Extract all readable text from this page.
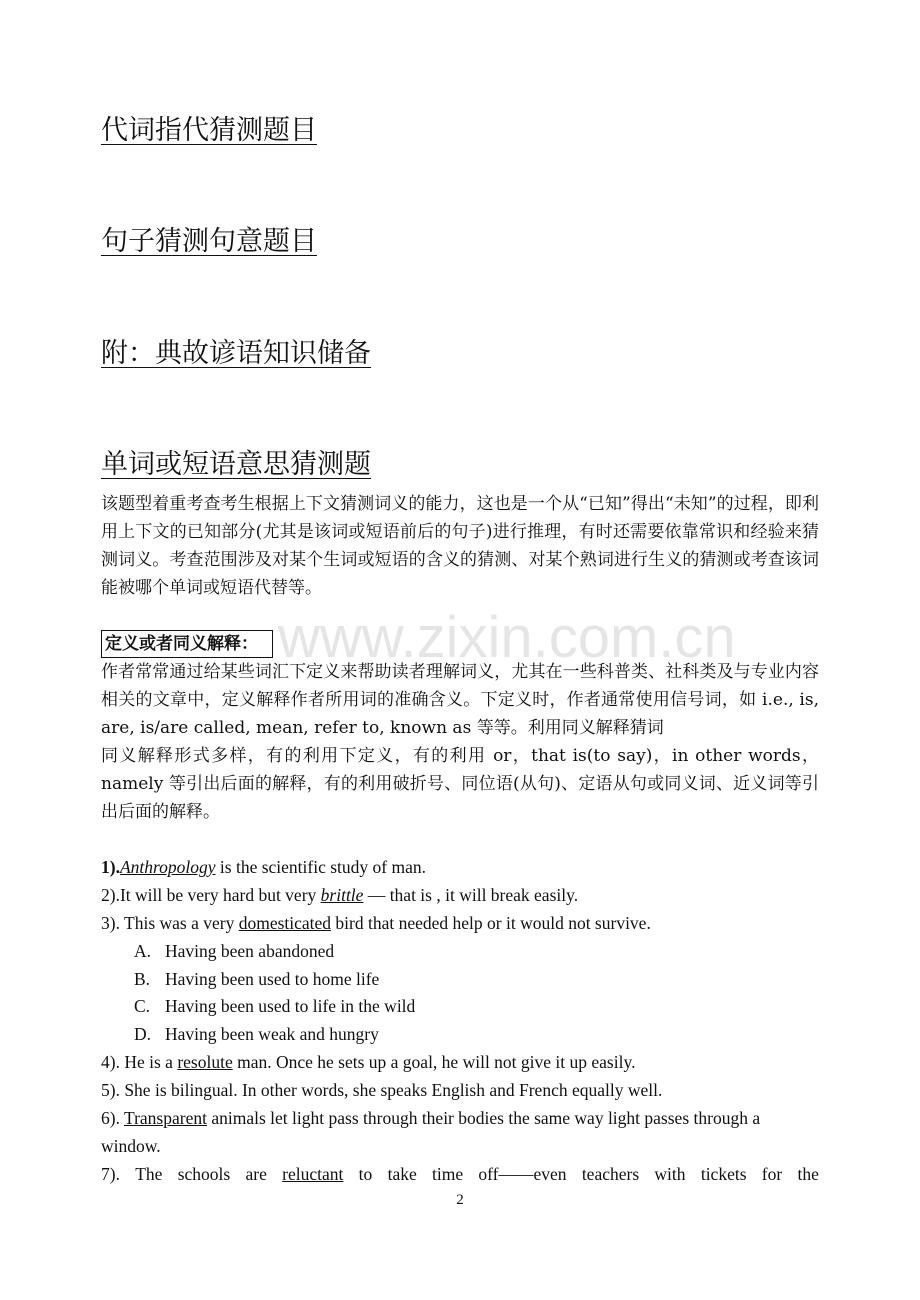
代词指代猜测题目
句子猜测句意题目
附：典故谚语知识储备
单词或短语意思猜测题

该题型着重考查考生根据上下文猜测词义的能力，这也是一个从“已知”得出“未知”的过程，即利用上下文的已知部分(尤其是该词或短语前后的句子)进行推理，有时还需要依靠常识和经验来猜测词义。考查范围涉及对某个生词或短语的含义的猜测、对某个熟词进行生义的猜测或考查该词能被哪个单词或短语代替等。

www.zixin.com.cn
定义或者同义解释：

作者常常通过给某些词汇下定义来帮助读者理解词义，尤其在一些科普类、社科类及与专业内容相关的文章中，定义解释作者所用词的准确含义。下定义时，作者通常使用信号词，如 i.e., is, are, is/are called, mean, refer to, known as 等等。利用同义解释猜词

同义解释形式多样，有的利用下定义，有的利用 or，that is(to say)，in other words，namely 等引出后面的解释，有的利用破折号、同位语(从句)、定语从句或同义词、近义词等引出后面的解释。

1).Anthropology is the scientific study of man.
2).It will be very hard but very brittle — that is , it will break easily.
3). This was a very domesticated bird that needed help or it would not survive.
A. Having been abandoned
B. Having been used to home life
C. Having been used to life in the wild
D. Having been weak and hungry
4). He is a resolute man. Once he sets up a goal, he will not give it up easily.
5). She is bilingual. In other words, she speaks English and French equally well.
6). Transparent animals let light pass through their bodies the same way light passes through a
window.
7). The schools are reluctant to take time off——even teachers with tickets for the
2
